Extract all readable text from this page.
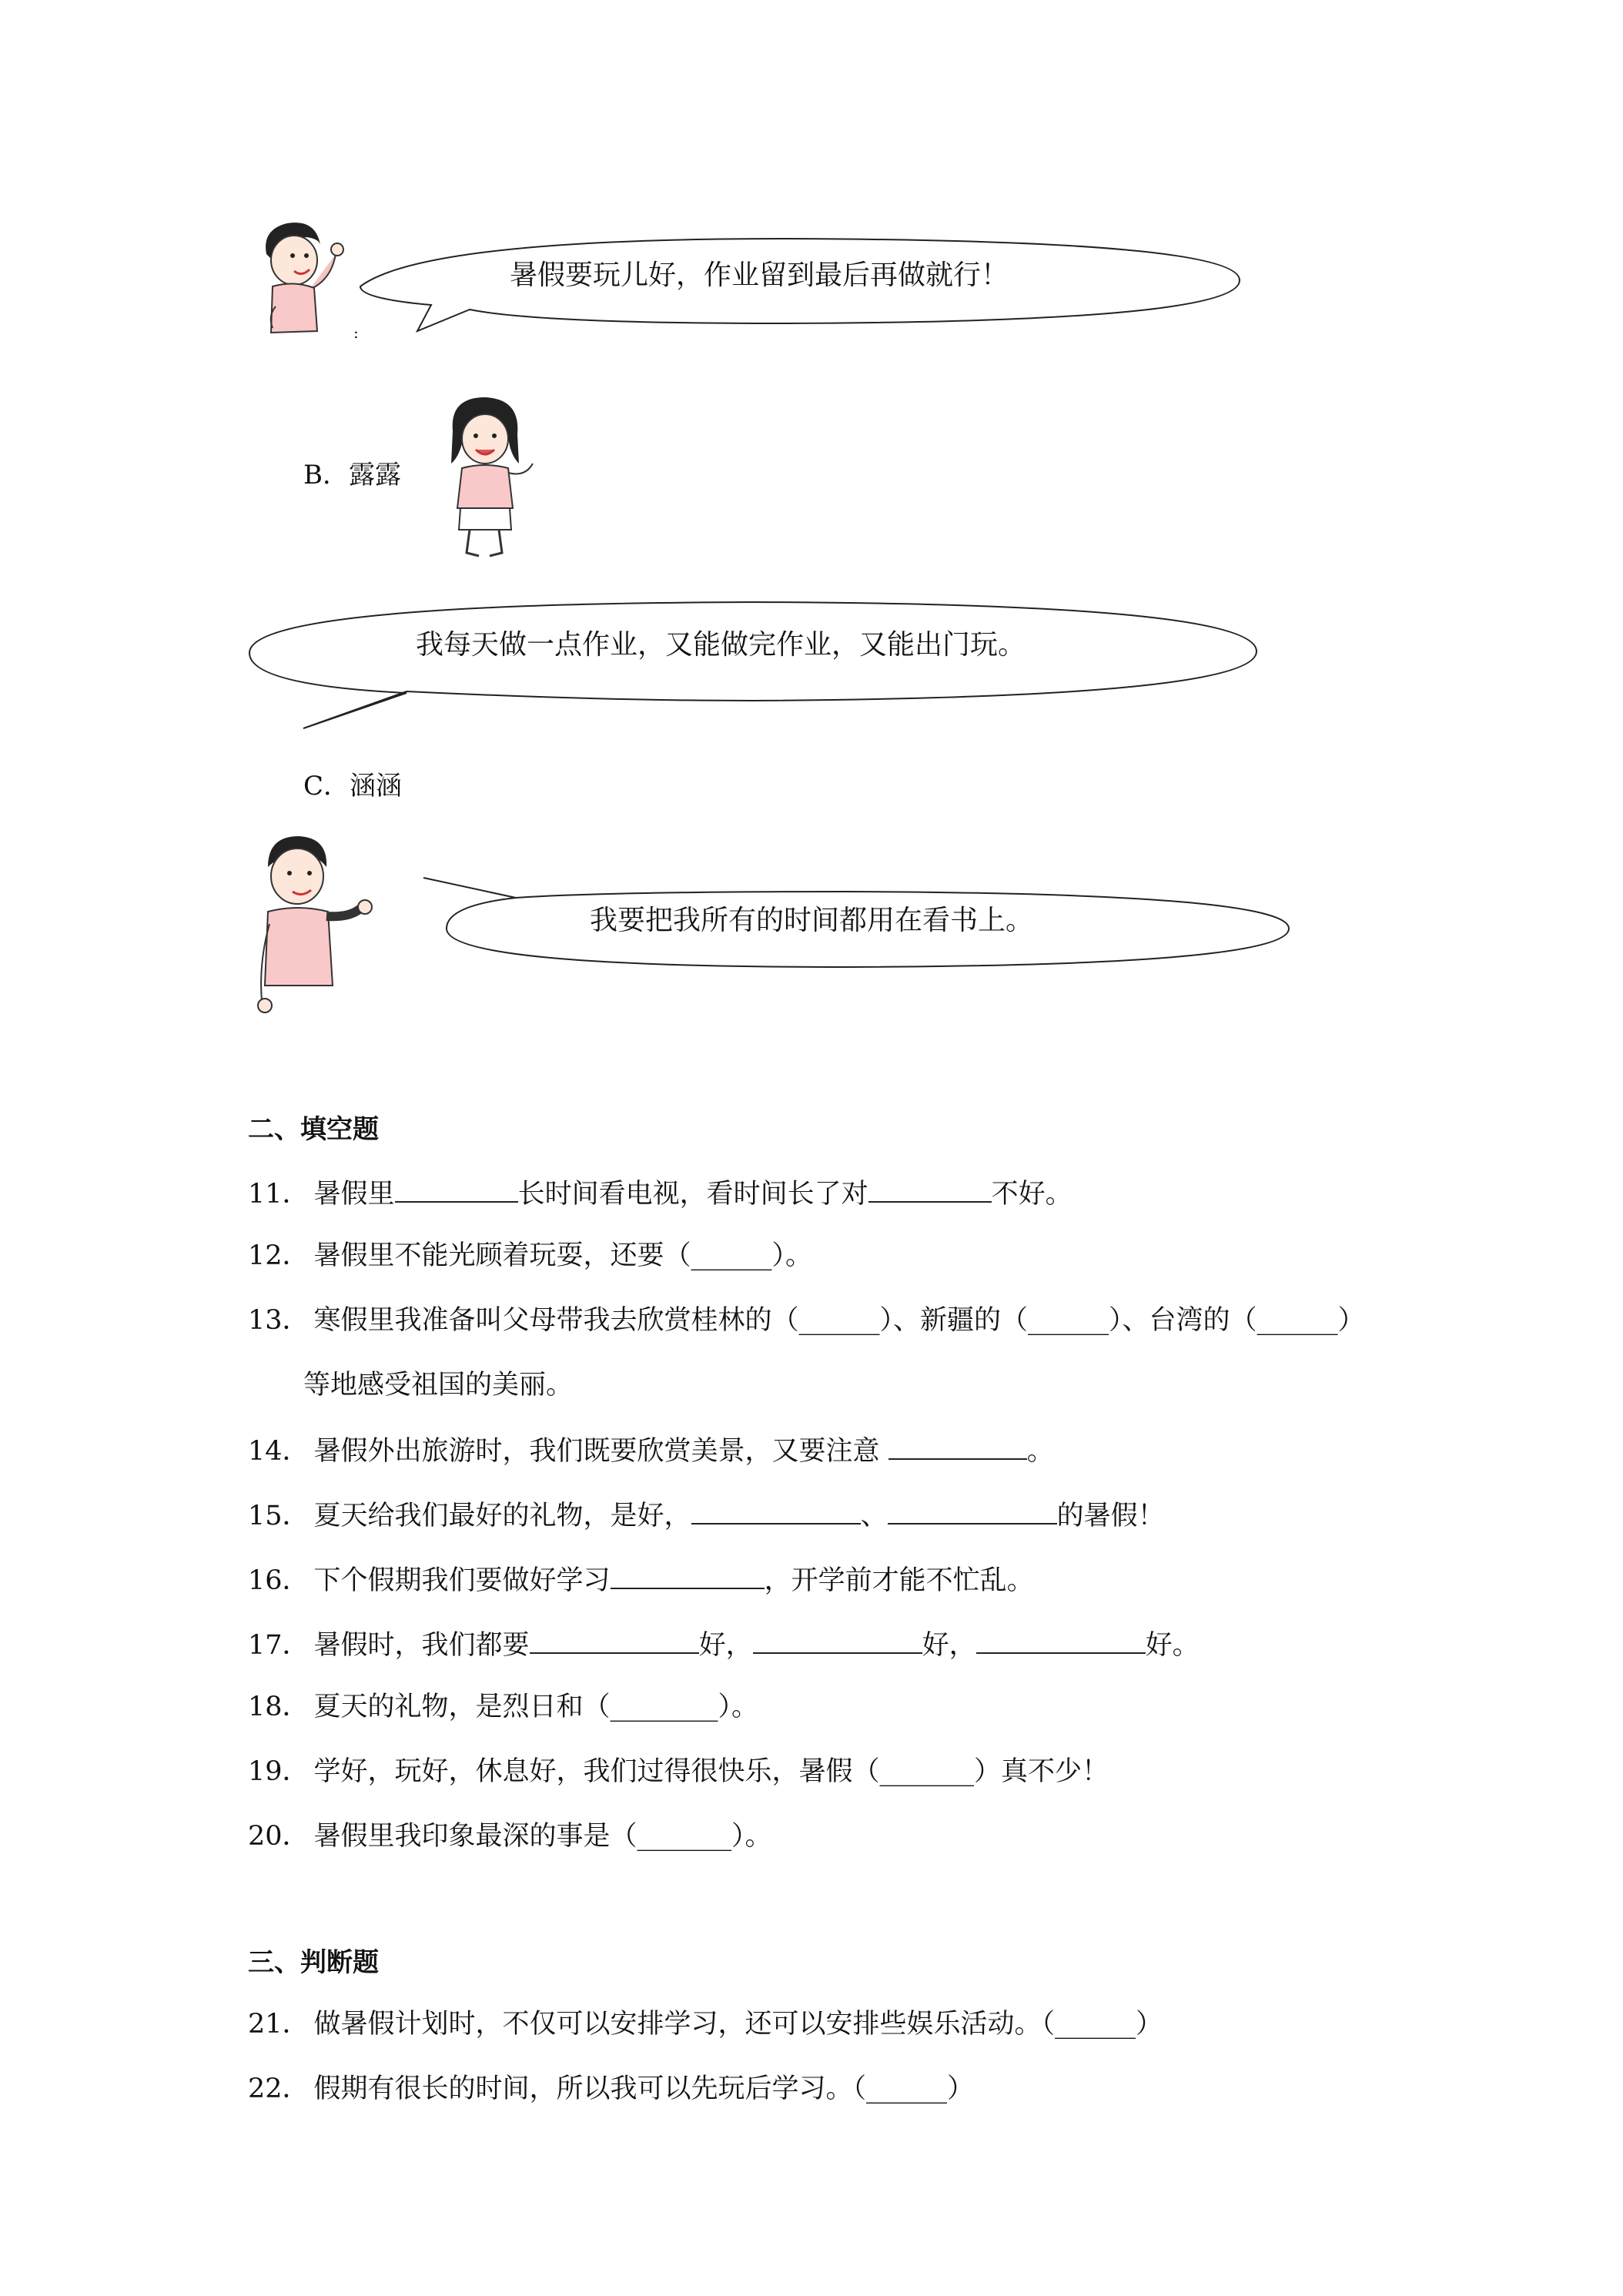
:
暑假要玩儿好，作业留到最后再做就行！
B．露露
我每天做一点作业，又能做完作业，又能出门玩。
C．涵涵
我要把我所有的时间都用在看书上。
二、填空题
11． 暑假里	长时间看电视，看时间长了对	不好。
12． 暑假里不能光顾着玩耍，还要（______）。
13． 寒假里我准备叫父母带我去欣赏桂林的（______）、新疆的（______）、台湾的（______）
等地感受祖国的美丽。
14． 暑假外出旅游时，我们既要欣赏美景，又要注意	。
15． 夏天给我们最好的礼物，是好，	、	的暑假！
16． 下个假期我们要做好学习	，开学前才能不忙乱。
17． 暑假时，我们都要	好，	好，	好。
18． 夏天的礼物，是烈日和（________）。
19． 学好，玩好，休息好，我们过得很快乐，暑假（_______）真不少！
20． 暑假里我印象最深的事是（_______）。
三、判断题
21． 做暑假计划时，不仅可以安排学习，还可以安排些娱乐活动。（______）
22． 假期有很长的时间，所以我可以先玩后学习。（______）
